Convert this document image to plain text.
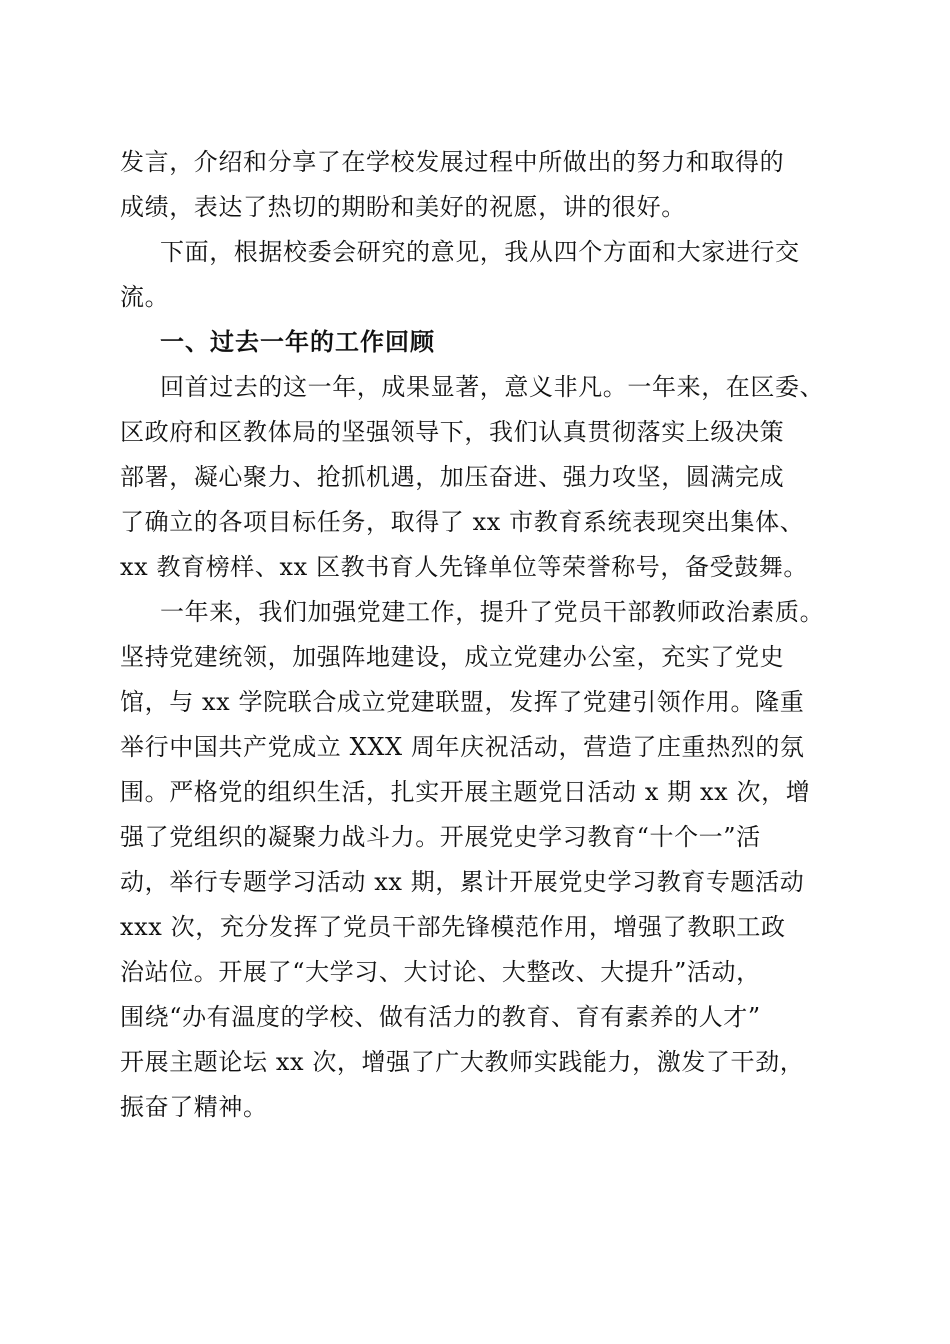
发言，介绍和分享了在学校发展过程中所做出的努力和取得的
成绩，表达了热切的期盼和美好的祝愿，讲的很好。
下面，根据校委会研究的意见，我从四个方面和大家进行交
流。
一、过去一年的工作回顾
回首过去的这一年，成果显著，意义非凡。一年来，在区委、
区政府和区教体局的坚强领导下，我们认真贯彻落实上级决策
部署，凝心聚力、抢抓机遇，加压奋进、强力攻坚，圆满完成
了确立的各项目标任务，取得了 xx 市教育系统表现突出集体、
xx 教育榜样、xx 区教书育人先锋单位等荣誉称号，备受鼓舞。
一年来，我们加强党建工作，提升了党员干部教师政治素质。
坚持党建统领，加强阵地建设，成立党建办公室，充实了党史
馆，与 xx 学院联合成立党建联盟，发挥了党建引领作用。隆重
举行中国共产党成立 XXX 周年庆祝活动，营造了庄重热烈的氛
围。严格党的组织生活，扎实开展主题党日活动 x 期 xx 次，增
强了党组织的凝聚力战斗力。开展党史学习教育“十个一”活
动，举行专题学习活动 xx 期，累计开展党史学习教育专题活动
xxx 次，充分发挥了党员干部先锋模范作用，增强了教职工政
治站位。开展了“大学习、大讨论、大整改、大提升”活动，
围绕“办有温度的学校、做有活力的教育、育有素养的人才”
开展主题论坛 xx 次，增强了广大教师实践能力，激发了干劲，
振奋了精神。
